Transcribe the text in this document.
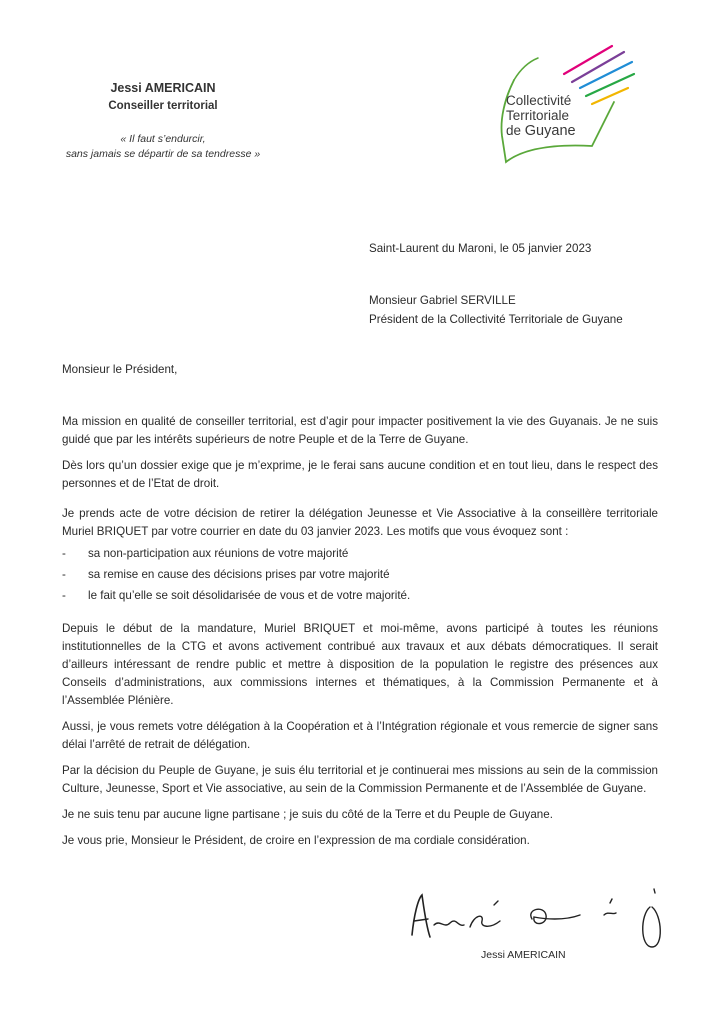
Jessi AMERICAIN
Conseiller territorial
« Il faut s’endurcir,
sans jamais se départir de sa tendresse »
Collectivité
Territoriale
de Guyane
Saint-Laurent du Maroni, le 05 janvier 2023
Monsieur Gabriel SERVILLE
Président de la Collectivité Territoriale de Guyane
Monsieur le Président,

Ma mission en qualité de conseiller territorial, est d’agir pour impacter positivement la vie des Guyanais. Je ne suis guidé que par les intérêts supérieurs de notre Peuple et de la Terre de Guyane.

Dès lors qu’un dossier exige que je m’exprime, je le ferai sans aucune condition et en tout lieu, dans le respect des personnes et de l’Etat de droit.

Je prends acte de votre décision de retirer la délégation Jeunesse et Vie Associative à la conseillère territoriale Muriel BRIQUET par votre courrier en date du 03 janvier 2023. Les motifs que vous évoquez sont :

- sa non-participation aux réunions de votre majorité
- sa remise en cause des décisions prises par votre majorité
- le fait qu’elle se soit désolidarisée de vous et de votre majorité.

Depuis le début de la mandature, Muriel BRIQUET et moi-même, avons participé à toutes les réunions institutionnelles de la CTG et avons activement contribué aux travaux et aux débats démocratiques. Il serait d’ailleurs intéressant de rendre public et mettre à disposition de la population le registre des présences aux Conseils d’administrations, aux commissions internes et thématiques, à la Commission Permanente et à l’Assemblée Plénière.

Aussi, je vous remets votre délégation à la Coopération et à l’Intégration régionale et vous remercie de signer sans délai l’arrêté de retrait de délégation.

Par la décision du Peuple de Guyane, je suis élu territorial et je continuerai mes missions au sein de la commission Culture, Jeunesse, Sport et Vie associative, au sein de la Commission Permanente et de l’Assemblée de Guyane.

Je ne suis tenu par aucune ligne partisane ; je suis du côté de la Terre et du Peuple de Guyane.

Je vous prie, Monsieur le Président, de croire en l’expression de ma cordiale considération.

Jessi AMERICAIN
